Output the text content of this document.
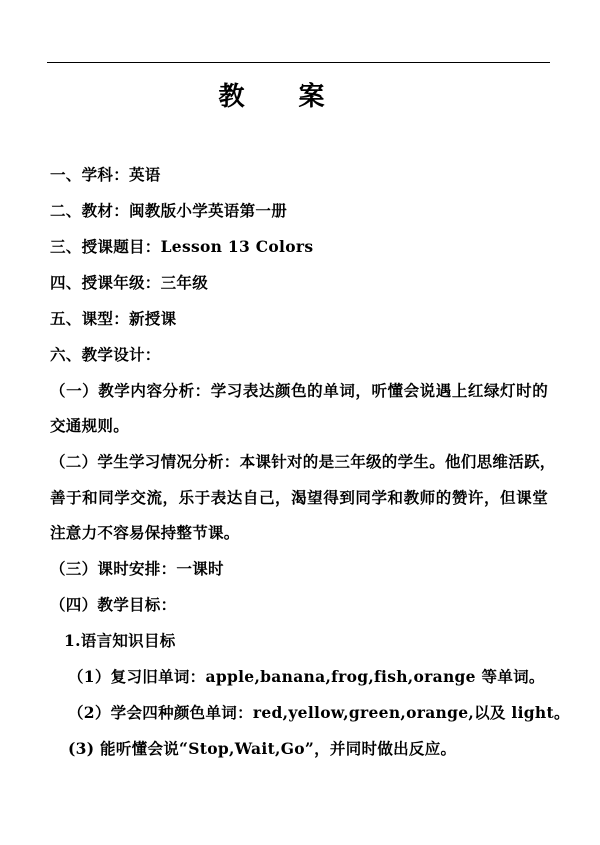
教 案
一、学科：英语
二、教材：闽教版小学英语第一册
三、授课题目：Lesson 13 Colors
四、授课年级：三年级
五、课型：新授课
六、教学设计：
（一）教学内容分析：学习表达颜色的单词，听懂会说遇上红绿灯时的
交通规则。
（二）学生学习情况分析：本课针对的是三年级的学生。他们思维活跃，
善于和同学交流，乐于表达自己，渴望得到同学和教师的赞许，但课堂
注意力不容易保持整节课。
（三）课时安排：一课时
（四）教学目标：
1.语言知识目标
（1）复习旧单词：apple,banana,frog,fish,orange 等单词。
（2）学会四种颜色单词：red,yellow,green,orange,以及 light。
(3) 能听懂会说“Stop,Wait,Go”，并同时做出反应。
